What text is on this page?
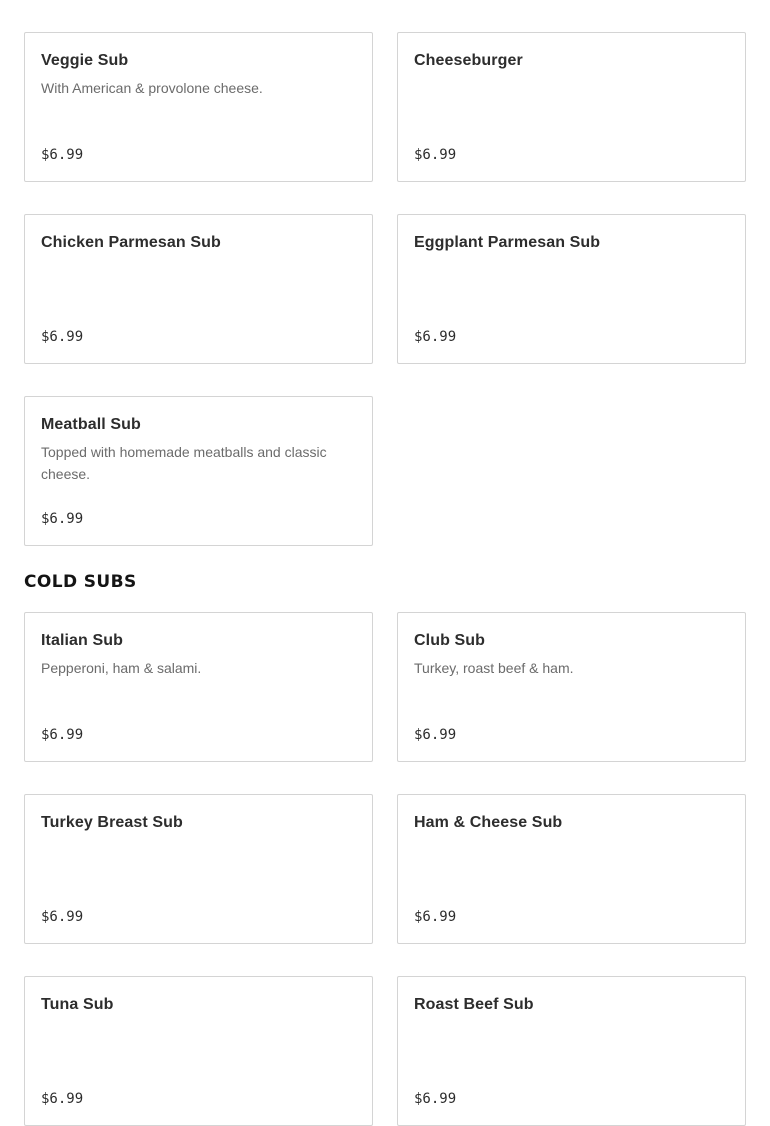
Veggie Sub
With American & provolone cheese.
$6.99
Cheeseburger
$6.99
Chicken Parmesan Sub
$6.99
Eggplant Parmesan Sub
$6.99
Meatball Sub
Topped with homemade meatballs and classic cheese.
$6.99
COLD SUBS
Italian Sub
Pepperoni, ham & salami.
$6.99
Club Sub
Turkey, roast beef & ham.
$6.99
Turkey Breast Sub
$6.99
Ham & Cheese Sub
$6.99
Tuna Sub
$6.99
Roast Beef Sub
$6.99
